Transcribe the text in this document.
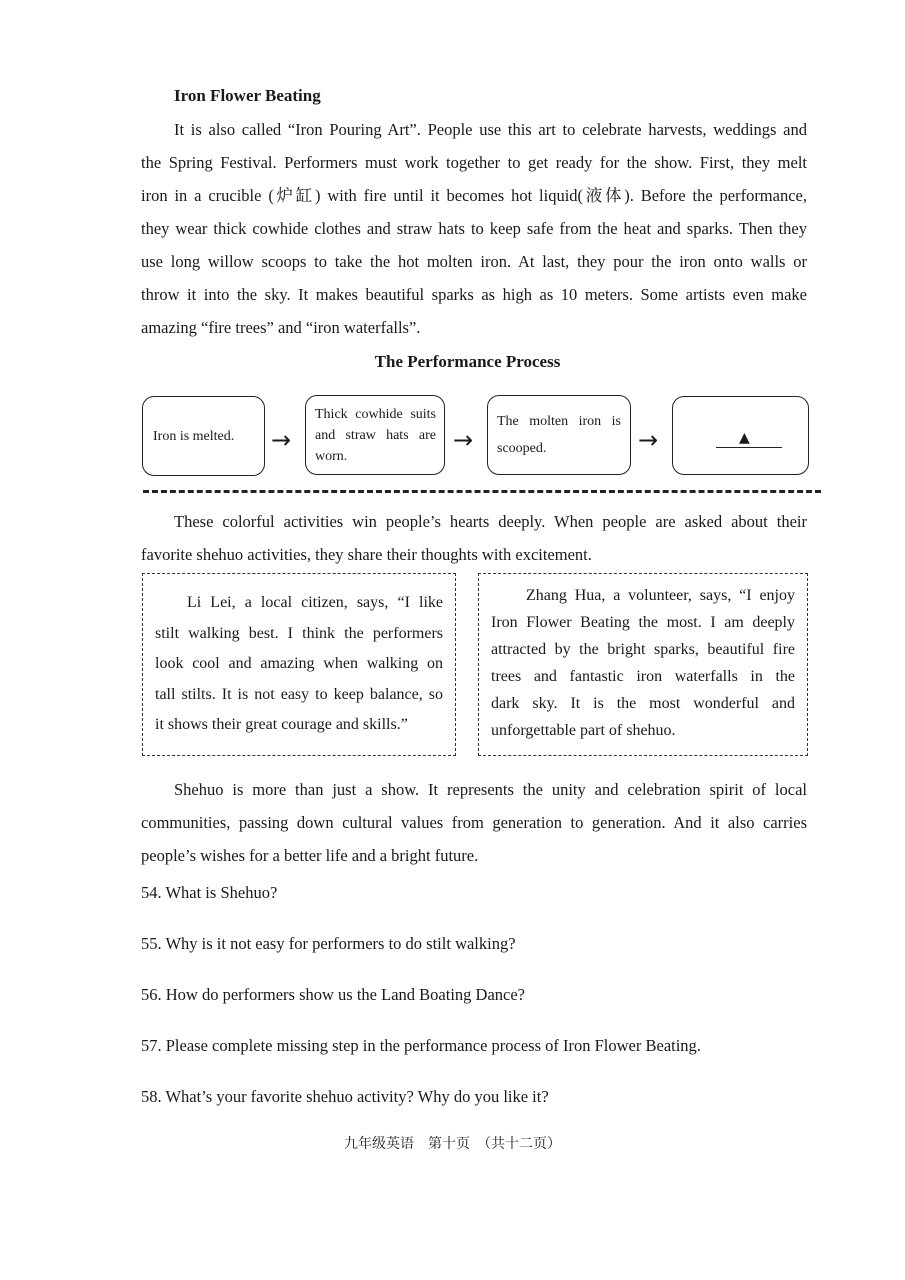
Iron Flower Beating
It is also called “Iron Pouring Art”. People use this art to celebrate harvests, weddings and
the Spring Festival. Performers must work together to get ready for the show. First, they melt
iron in a crucible (炉缸) with fire until it becomes hot liquid(液体). Before the performance,
they wear thick cowhide clothes and straw hats to keep safe from the heat and sparks. Then they
use long willow scoops to take the hot molten iron. At last, they pour the iron onto walls or
throw it into the sky. It makes beautiful sparks as high as 10 meters. Some artists even make
amazing “fire trees” and “iron waterfalls”.
The Performance Process
Iron is melted. →
Thick cowhide suits and straw hats are worn.
→
The molten iron is scooped.	→	▲
These colorful activities win people’s hearts deeply. When people are asked about their
favorite shehuo activities, they share their thoughts with excitement.
Li Lei, a local citizen, says, “I like
stilt walking best. I think the performers
look cool and amazing when walking on
tall stilts. It is not easy to keep balance, so
it shows their great courage and skills.”
Zhang Hua, a volunteer, says, “I enjoy
Iron Flower Beating the most. I am deeply
attracted by the bright sparks, beautiful fire
trees and fantastic iron waterfalls in the
dark sky. It is the most wonderful and
unforgettable part of shehuo.
Shehuo is more than just a show. It represents the unity and celebration spirit of local
communities, passing down cultural values from generation to generation. And it also carries
people’s wishes for a better life and a bright future.
54. What is Shehuo?
55. Why is it not easy for performers to do stilt walking?
56. How do performers show us the Land Boating Dance?
57. Please complete missing step in the performance process of Iron Flower Beating.
58. What’s your favorite shehuo activity? Why do you like it?
九年级英语　第十页　（共十二页）
